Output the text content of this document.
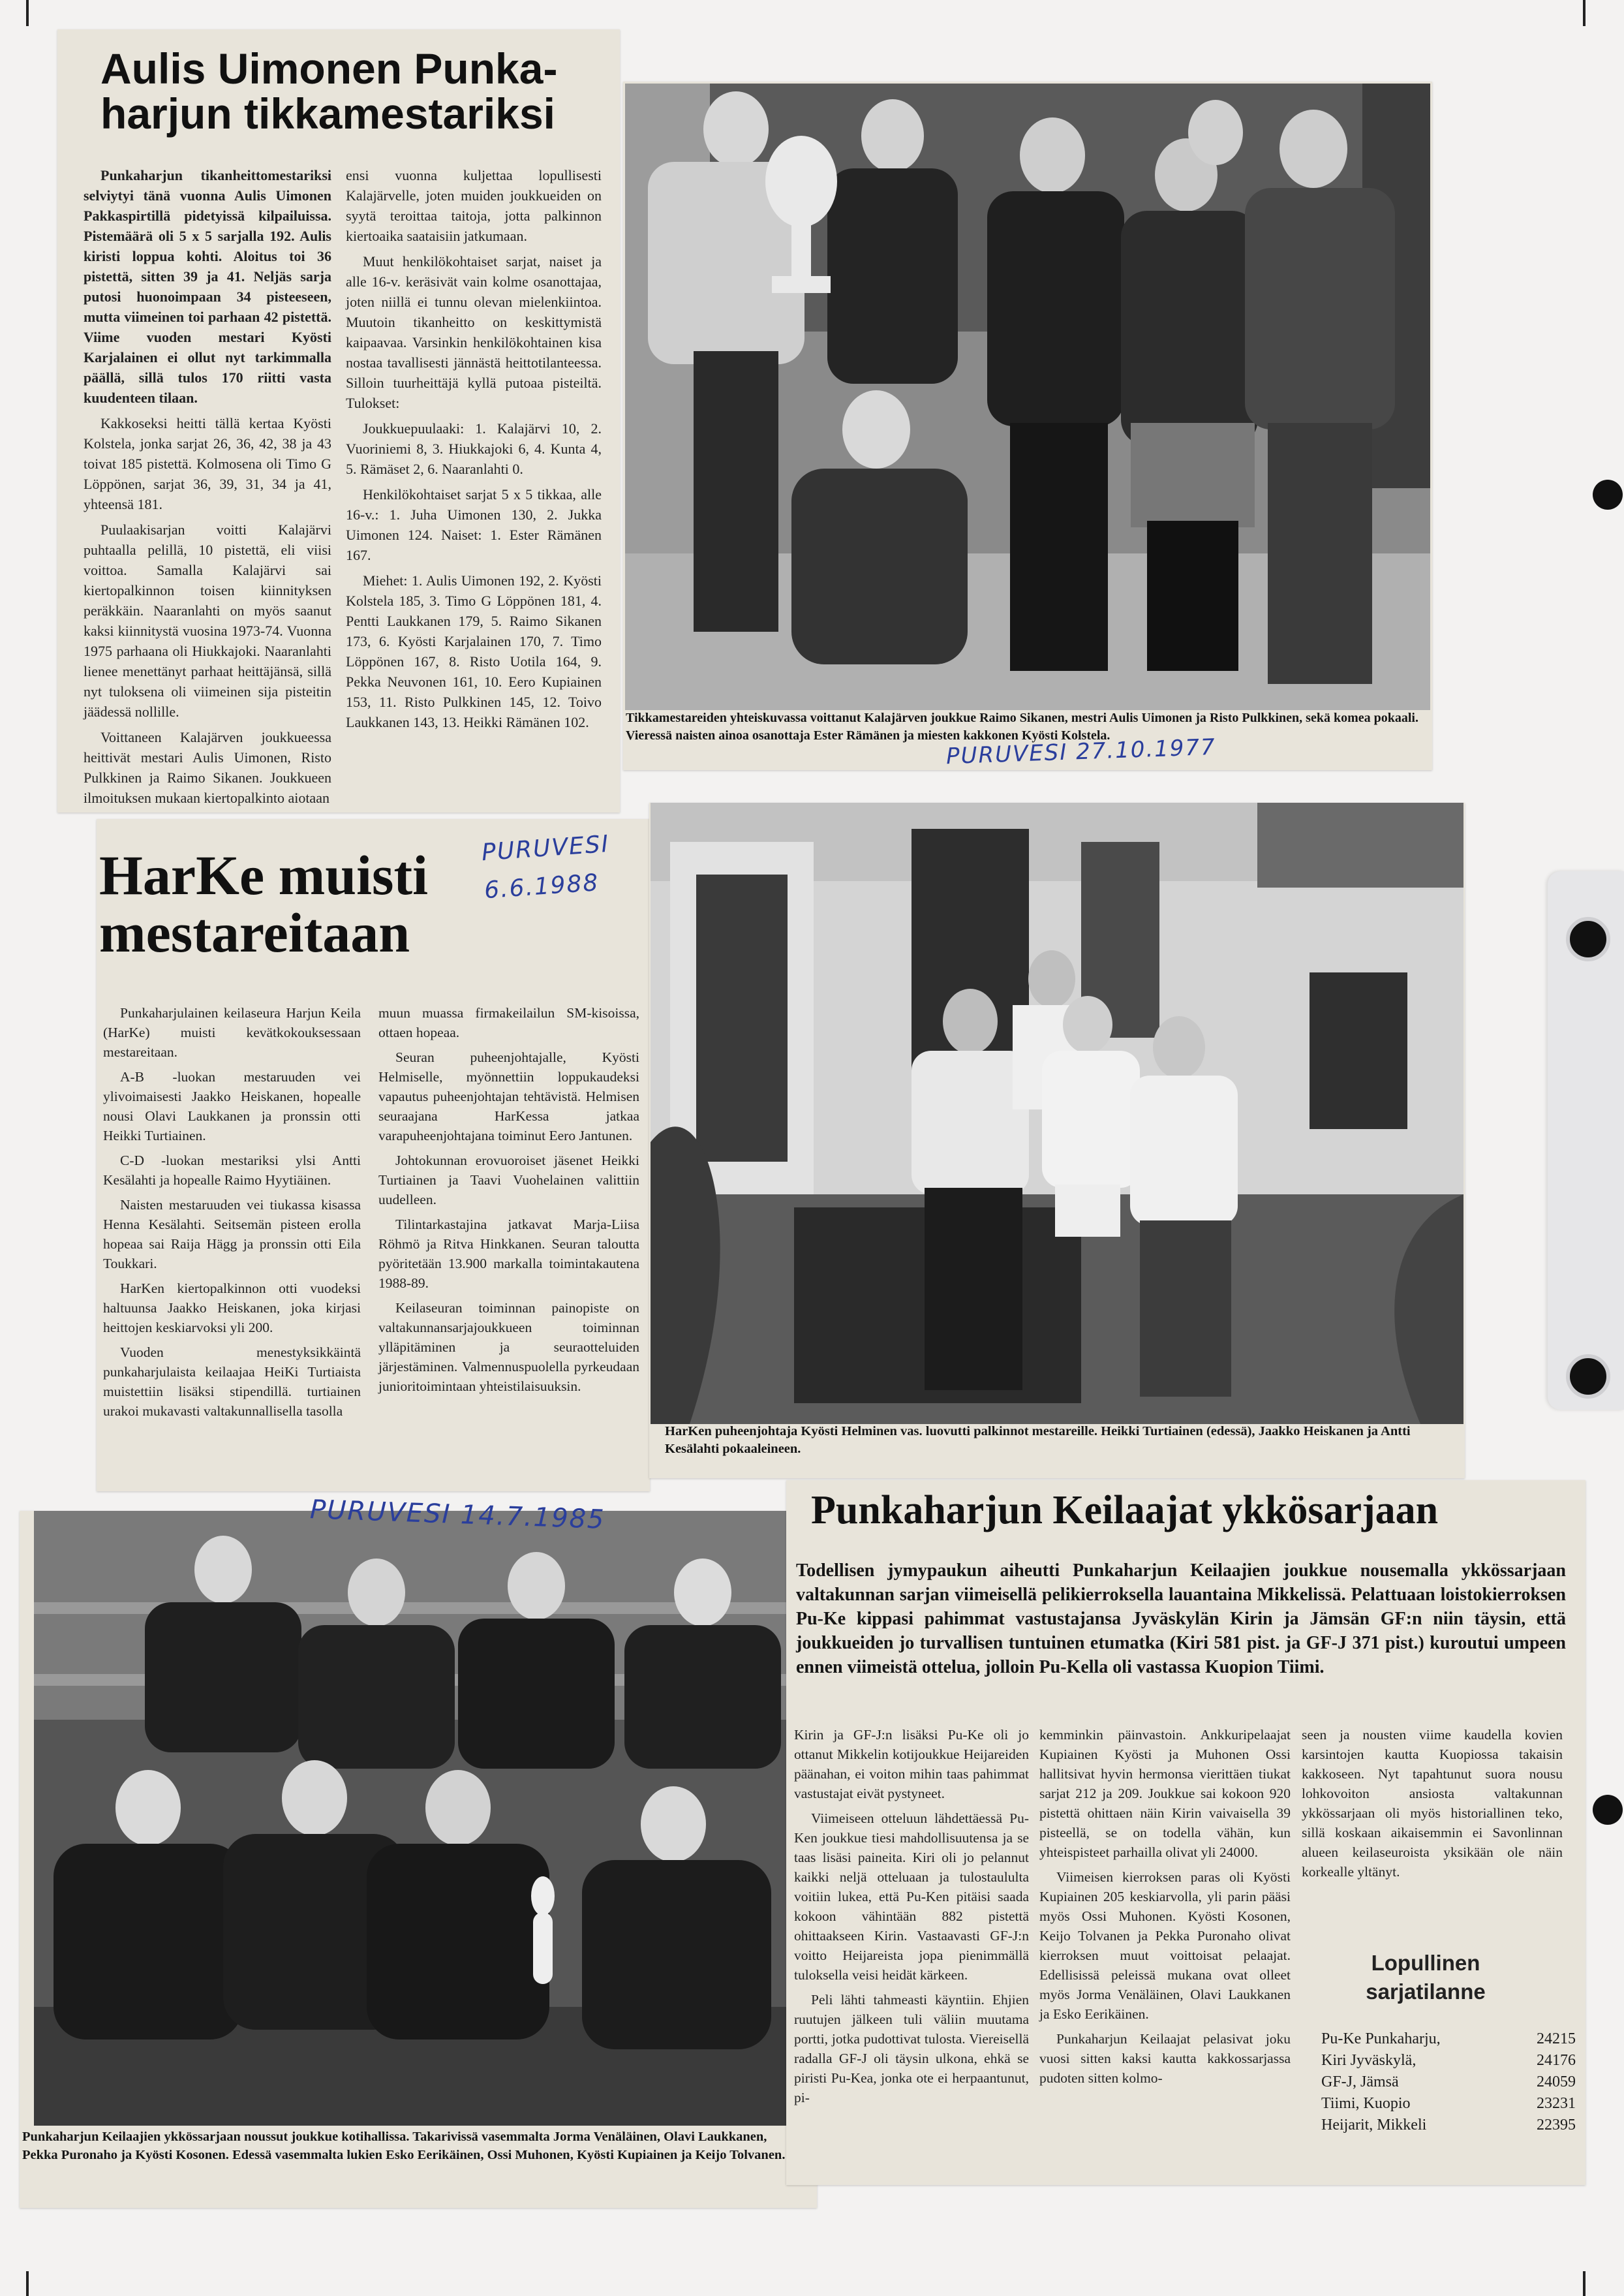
Aulis Uimonen Punkaharjun tikkamestariksi

Punkaharjun tikanheittomestariksi selviytyi tänä vuonna Aulis Uimonen Pakkaspirtillä pidetyissä kilpailuissa. Pistemäärä oli 5 x 5 sarjalla 192. Aulis kiristi loppua kohti. Aloitus toi 36 pistettä, sitten 39 ja 41. Neljäs sarja putosi huonoimpaan 34 pisteeseen, mutta viimeinen toi parhaan 42 pistettä. Viime vuoden mestari Kyösti Karjalainen ei ollut nyt tarkimmalla päällä, sillä tulos 170 riitti vasta kuudenteen tilaan.

Kakkoseksi heitti tällä kertaa Kyösti Kolstela, jonka sarjat 26, 36, 42, 38 ja 43 toivat 185 pistettä. Kolmosena oli Timo G Löppönen, sarjat 36, 39, 31, 34 ja 41, yhteensä 181.

Puulaakisarjan voitti Kalajärvi puhtaalla pelillä, 10 pistettä, eli viisi voittoa. Samalla Kalajärvi sai kiertopalkinnon toisen kiinnityksen peräkkäin. Naaranlahti on myös saanut kaksi kiinnitystä vuosina 1973-74. Vuonna 1975 parhaana oli Hiukkajoki. Naaranlahti lienee menettänyt parhaat heittäjänsä, sillä nyt tuloksena oli viimeinen sija pisteitin jäädessä nollille.

Voittaneen Kalajärven joukkueessa heittivät mestari Aulis Uimonen, Risto Pulkkinen ja Raimo Sikanen. Joukkueen ilmoituksen mukaan kiertopalkinto aiotaan

ensi vuonna kuljettaa lopullisesti Kalajärvelle, joten muiden joukkueiden on syytä teroittaa taitoja, jotta palkinnon kiertoaika saataisiin jatkumaan.

Muut henkilökohtaiset sarjat, naiset ja alle 16-v. keräsivät vain kolme osanottajaa, joten niillä ei tunnu olevan mielenkiintoa. Muutoin tikanheitto on keskittymistä kaipaavaa. Varsinkin henkilökohtainen kisa nostaa tavallisesti jännästä heittotilanteessa. Silloin tuurheittäjä kyllä putoaa pisteiltä. Tulokset:

Joukkuepuulaaki: 1. Kalajärvi 10, 2. Vuoriniemi 8, 3. Hiukkajoki 6, 4. Kunta 4, 5. Rämäset 2, 6. Naaranlahti 0.

Henkilökohtaiset sarjat 5 x 5 tikkaa, alle 16-v.: 1. Juha Uimonen 130, 2. Jukka Uimonen 124. Naiset: 1. Ester Rämänen 167.

Miehet: 1. Aulis Uimonen 192, 2. Kyösti Kolstela 185, 3. Timo G Löppönen 181, 4. Pentti Laukkanen 179, 5. Raimo Sikanen 173, 6. Kyösti Karjalainen 170, 7. Timo Löppönen 167, 8. Risto Uotila 164, 9. Pekka Neuvonen 161, 10. Eero Kupiainen 153, 11. Risto Pulkkinen 145, 12. Toivo Laukkanen 143, 13. Heikki Rämänen 102.	Tikkamestareiden yhteiskuvassa voittanut Kalajärven joukkue Raimo Sikanen, mestri Aulis Uimonen ja Risto Pulkkinen, sekä komea pokaali. Vieressä naisten ainoa osanottaja Ester Rämänen ja miesten kakkonen Kyösti Kolstela.
PURUVESI 27.10.1977
HarKe muisti mestareitaan

Punkaharjulainen keilaseura Harjun Keila (HarKe) muisti kevätkokouksessaan mestareitaan.

A-B -luokan mestaruuden vei ylivoimaisesti Jaakko Heiskanen, hopealle nousi Olavi Laukkanen ja pronssin otti Heikki Turtiainen.

C-D -luokan mestariksi ylsi Antti Kesälahti ja hopealle Raimo Hyytiäinen.

Naisten mestaruuden vei tiukassa kisassa Henna Kesälahti. Seitsemän pisteen erolla hopeaa sai Raija Hägg ja pronssin otti Eila Toukkari.

HarKen kiertopalkinnon otti vuodeksi haltuunsa Jaakko Heiskanen, joka kirjasi heittojen keskiarvoksi yli 200.

Vuoden menestyksikkäintä punkaharjulaista keilaajaa HeiKi Turtiaista muistettiin lisäksi stipendillä. turtiainen urakoi mukavasti valtakunnallisella tasolla

muun muassa firmakeilailun SM-kisoissa, ottaen hopeaa.

Seuran puheenjohtajalle, Kyösti Helmiselle, myönnettiin loppukaudeksi vapautus puheenjohtajan tehtävistä. Helmisen seuraajana HarKessa jatkaa varapuheenjohtajana toiminut Eero Jantunen.

Johtokunnan erovuoroiset jäsenet Heikki Turtiainen ja Taavi Vuohelainen valittiin uudelleen.

Tilintarkastajina jatkavat Marja-Liisa Röhmö ja Ritva Hinkkanen. Seuran taloutta pyöritetään 13.900 markalla toimintakautena 1988-89.

Keilaseuran toiminnan painopiste on valtakunnansarjajoukkueen toiminnan ylläpitäminen ja seuraotteluiden järjestäminen. Valmennuspuolella pyrkeudaan junioritoimintaan yhteistilaisuuksin.

PURUVESI 6.6.1988
HarKen puheenjohtaja Kyösti Helminen vas. luovutti palkinnot mestareille. Heikki Turtiainen (edessä), Jaakko Heiskanen ja Antti Kesälahti pokaaleineen.
Punkaharjun Keilaajien ykkössarjaan noussut joukkue kotihallissa. Takarivissä vasemmalta Jorma Venäläinen, Olavi Laukkanen, Pekka Puronaho ja Kyösti Kosonen. Edessä vasemmalta lukien Esko Eerikäinen, Ossi Muhonen, Kyösti Kupiainen ja Keijo Tolvanen.
PURUVESI 14.7.1985	Punkaharjun Keilaajat ykkösarjaan
Todellisen jymypaukun aiheutti Punkaharjun Keilaajien joukkue nousemalla ykkössarjaan valtakunnan sarjan viimeisellä pelikierroksella lauantaina Mikkelissä. Pelattuaan loistokierroksen Pu-Ke kippasi pahimmat vastustajansa Jyväskylän Kirin ja Jämsän GF:n niin täysin, että joukkueiden jo turvallisen tuntuinen etumatka (Kiri 581 pist. ja GF-J 371 pist.) kuroutui umpeen ennen viimeistä ottelua, jolloin Pu-Kella oli vastassa Kuopion Tiimi.

Kirin ja GF-J:n lisäksi Pu-Ke oli jo ottanut Mikkelin kotijoukkue Heijareiden päänahan, ei voiton mihin taas pahimmat vastustajat eivät pystyneet.

Viimeiseen otteluun lähdettäessä Pu-Ken joukkue tiesi mahdollisuutensa ja se taas lisäsi paineita. Kiri oli jo pelannut kaikki neljä otteluaan ja tulostaululta voitiin lukea, että Pu-Ken pitäisi saada kokoon vähintään 882 pistettä ohittaakseen Kirin. Vastaavasti GF-J:n voitto Heijareista jopa pienimmällä tuloksella veisi heidät kärkeen.

Peli lähti tahmeasti käyntiin. Ehjien ruutujen jälkeen tuli väliin muutama portti, jotka pudottivat tulosta. Viereisellä radalla GF-J oli täysin ulkona, ehkä se piristi Pu-Kea, jonka ote ei herpaantunut, pi-

kemminkin päinvastoin. Ankkuripelaajat Kupiainen Kyösti ja Muhonen Ossi hallitsivat hyvin hermonsa vierittäen tiukat sarjat 212 ja 209. Joukkue sai kokoon 920 pistettä ohittaen näin Kirin vaivaisella 39 pisteellä, se on todella vähän, kun yhteispisteet parhailla olivat yli 24000.

Viimeisen kierroksen paras oli Kyösti Kupiainen 205 keskiarvolla, yli parin pääsi myös Ossi Muhonen. Kyösti Kosonen, Keijo Tolvanen ja Pekka Puronaho olivat kierroksen muut voittoisat pelaajat. Edellisissä peleissä mukana ovat olleet myös Jorma Venäläinen, Olavi Laukkanen ja Esko Eerikäinen.

Punkaharjun Keilaajat pelasivat joku vuosi sitten kaksi kautta kakkossarjassa pudoten sitten kolmo-

seen ja nousten viime kaudella kovien karsintojen kautta Kuopiossa takaisin kakkoseen. Nyt tapahtunut suora nousu lohkovoiton ansiosta valtakunnan ykkössarjaan oli myös historiallinen teko, sillä koskaan aikaisemmin ei Savonlinnan alueen keilaseuroista yksikään ole näin korkealle yltänyt.

Lopullinen sarjatilanne
Pu-Ke Punkaharju,	24215
Kiri Jyväskylä,	24176
GF-J, Jämsä	24059
Tiimi, Kuopio	23231
Heijarit, Mikkeli	22395
